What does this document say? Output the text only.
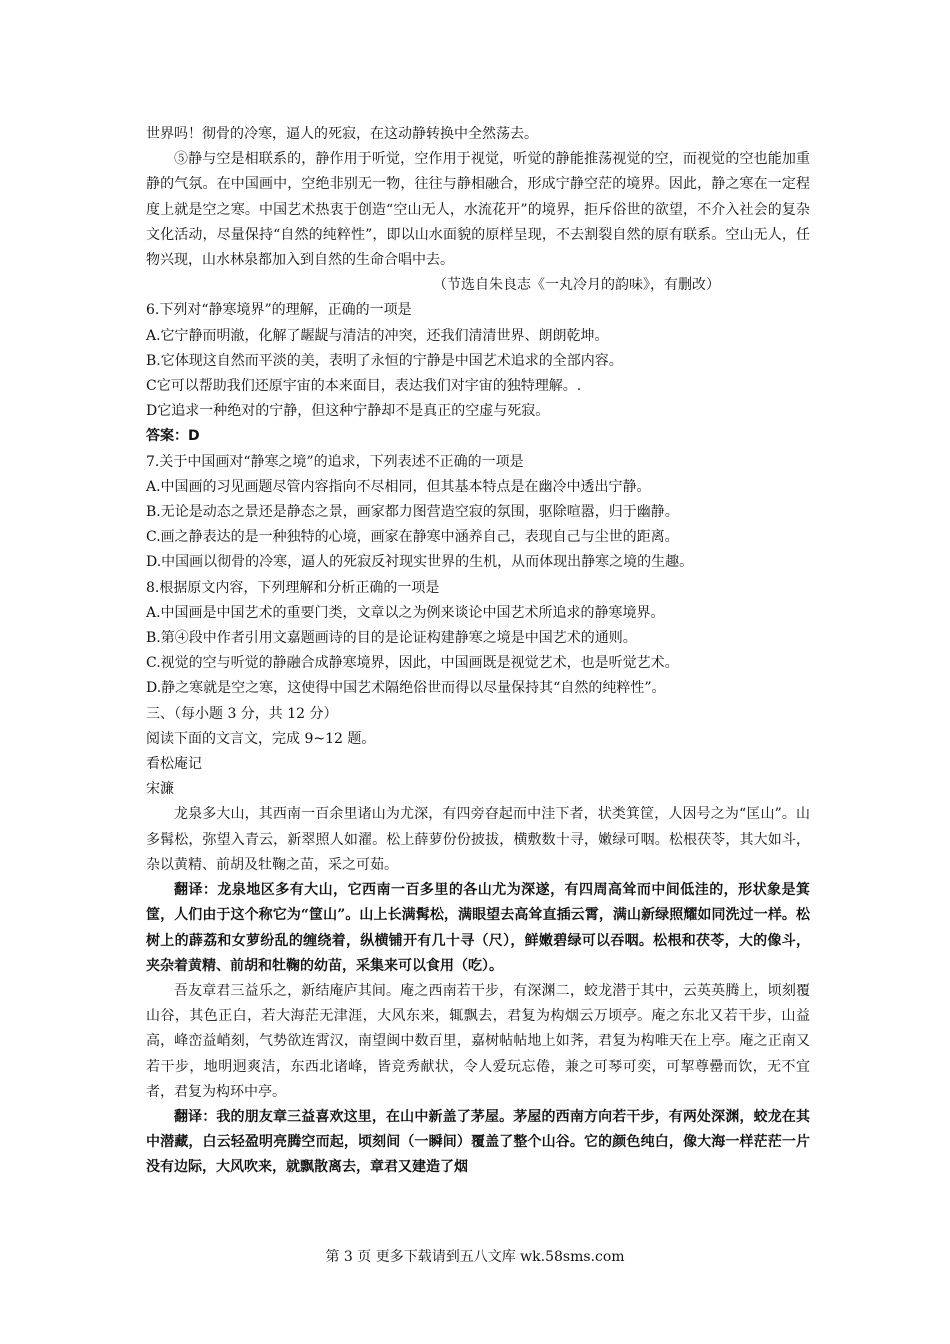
世界吗！彻骨的冷寒，逼人的死寂，在这动静转换中全然荡去。

⑤静与空是相联系的，静作用于听觉，空作用于视觉，听觉的静能推荡视觉的空，而视觉的空也能加重静的气氛。在中国画中，空绝非别无一物，往往与静相融合，形成宁静空茫的境界。因此，静之寒在一定程度上就是空之寒。中国艺术热衷于创造“空山无人，水流花开”的境界，拒斥俗世的欲望，不介入社会的复杂文化活动，尽量保持“自然的纯粹性”，即以山水面貌的原样呈现，不去割裂自然的原有联系。空山无人，任物兴现，山水林泉都加入到自然的生命合唱中去。

（节选自朱良志《一丸冷月的韵味》，有删改）

6.下列对“静寒境界”的理解，正确的一项是

A.它宁静而明澈，化解了龌龊与清洁的冲突，还我们清清世界、朗朗乾坤。

B.它体现这自然而平淡的美，表明了永恒的宁静是中国艺术追求的全部内容。

C它可以帮助我们还原宇宙的本来面目，表达我们对宇宙的独特理解。.

D它追求一种绝对的宁静，但这种宁静却不是真正的空虚与死寂。

答案：D

7.关于中国画对“静寒之境”的追求，下列表述不正确的一项是

A.中国画的习见画题尽管内容指向不尽相同，但其基本特点是在幽冷中透出宁静。

B.无论是动态之景还是静态之景，画家都力图营造空寂的氛围，驱除喧嚣，归于幽静。

C.画之静表达的是一种独特的心境，画家在静寒中涵养自己，表现自己与尘世的距离。

D.中国画以彻骨的冷寒，逼人的死寂反衬现实世界的生机，从而体现出静寒之境的生趣。

8.根据原文内容，下列理解和分析正确的一项是

A.中国画是中国艺术的重要门类，文章以之为例来谈论中国艺术所追求的静寒境界。

B.第④段中作者引用文嘉题画诗的目的是论证构建静寒之境是中国艺术的通则。

C.视觉的空与听觉的静融合成静寒境界，因此，中国画既是视觉艺术，也是听觉艺术。

D.静之寒就是空之寒，这使得中国艺术隔绝俗世而得以尽量保持其“自然的纯粹性”。

三、（每小题 3 分，共 12 分）

阅读下面的文言文，完成 9~12 题。

看松庵记

宋濂

龙泉多大山，其西南一百余里诸山为尤深，有四旁昚起而中洼下者，状类箕筐，人因号之为“匡山”。山多髯松，弥望入青云，新翠照人如濯。松上薛萝份份披拔，横敷数十寻，嫩绿可咽。松根茯苓，其大如斗，杂以黄精、前胡及牡鞠之苗，采之可茹。

翻译：龙泉地区多有大山，它西南一百多里的各山尤为深遂，有四周高耸而中间低洼的，形状象是箕筐，人们由于这个称它为“筐山”。山上长满髯松，满眼望去高耸直插云霄，满山新绿照耀如同洗过一样。松树上的薜荔和女萝纷乱的缠绕着，纵横铺开有几十寻（尺），鲜嫩碧绿可以吞咽。松根和茯苓，大的像斗，夹杂着黄精、前胡和牡鞠的幼苗，采集来可以食用（吃）。

吾友章君三益乐之，新结庵庐其间。庵之西南若干步，有深渊二，蛟龙潜于其中，云英英腾上，顷刻覆山谷，其色正白，若大海茫无津涯，大风东来，辄飘去，君复为构烟云万顷亭。庵之东北又若干步，山益高，峰峦益峭刻，气势欲连霄汉，南望闽中数百里，嘉树帖帖地上如荠，君复为构唯天在上亭。庵之正南又若干步，地明迥爽洁，东西北诸峰，皆竞秀献状，令人爱玩忘倦，兼之可琴可奕，可挈尊罍而饮，无不宜者，君复为构环中亭。

翻译：我的朋友章三益喜欢这里，在山中新盖了茅屋。茅屋的西南方向若干步，有两处深渊，蛟龙在其中潜藏，白云轻盈明亮腾空而起，顷刻间（一瞬间）覆盖了整个山谷。它的颜色纯白，像大海一样茫茫一片没有边际，大风吹来，就飘散离去，章君又建造了烟

第 3 页 更多下载请到五八文库 wk.58sms.com
